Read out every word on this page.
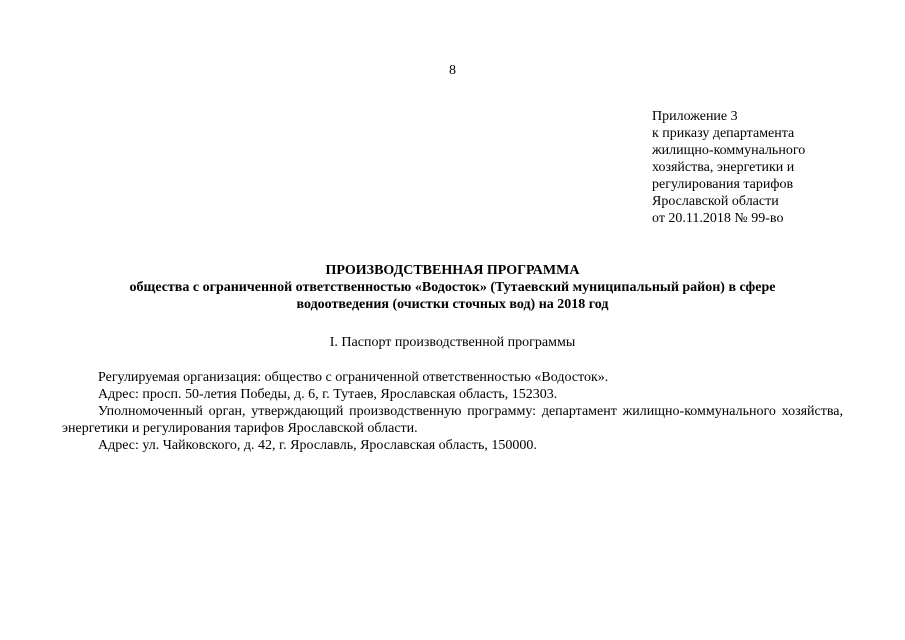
8
Приложение 3
к приказу департамента
жилищно-коммунального
хозяйства, энергетики и
регулирования тарифов
Ярославской области
от 20.11.2018 № 99-во
ПРОИЗВОДСТВЕННАЯ ПРОГРАММА
общества с ограниченной ответственностью «Водосток» (Тутаевский муниципальный район) в сфере
водоотведения (очистки сточных вод) на 2018 год
I. Паспорт производственной программы

Регулируемая организация: общество с ограниченной ответственностью «Водосток».

Адрес: просп. 50-летия Победы, д. 6, г. Тутаев, Ярославская область, 152303.

Уполномоченный орган, утверждающий производственную программу: департамент жилищно-коммунального хозяйства, энергетики и регулирования тарифов Ярославской области.

Адрес: ул. Чайковского, д. 42, г. Ярославль, Ярославская область, 150000.
